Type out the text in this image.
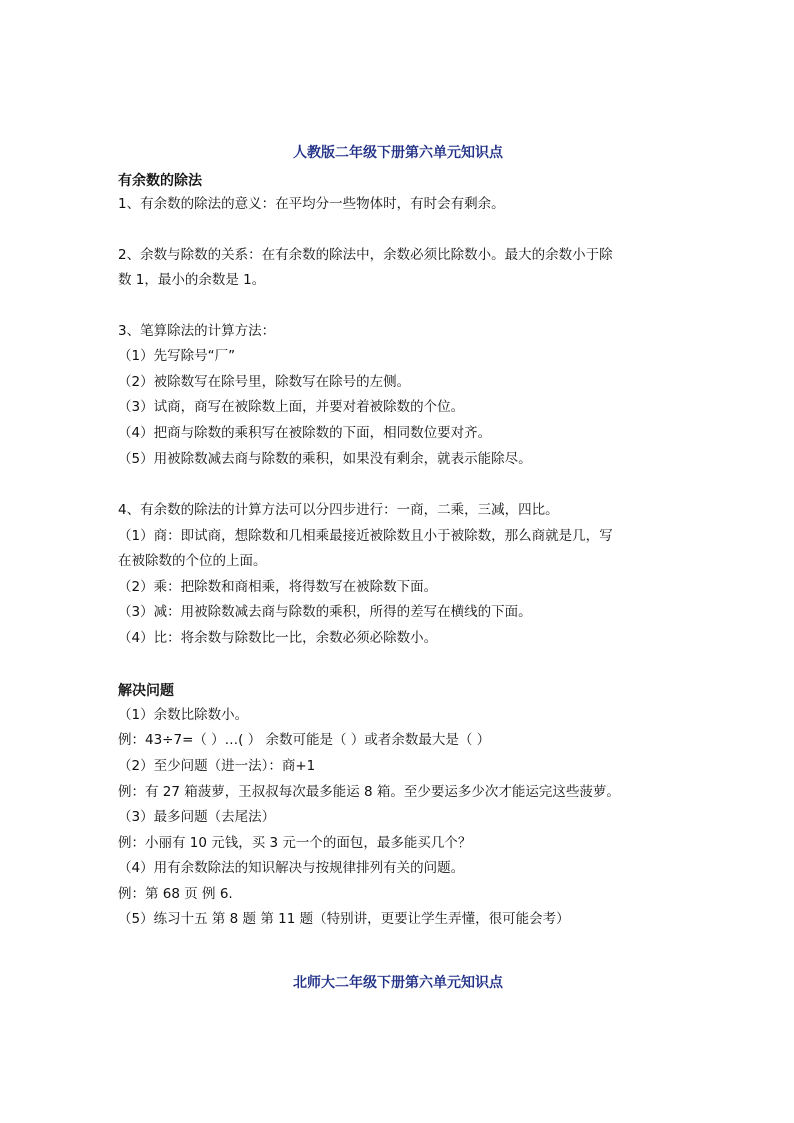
人教版二年级下册第六单元知识点

有余数的除法

1、有余数的除法的意义：在平均分一些物体时，有时会有剩余。

2、余数与除数的关系：在有余数的除法中，余数必须比除数小。最大的余数小于除

数 1，最小的余数是 1。

3、笔算除法的计算方法：

（1）先写除号“厂”

（2）被除数写在除号里，除数写在除号的左侧。

（3）试商，商写在被除数上面，并要对着被除数的个位。

（4）把商与除数的乘积写在被除数的下面，相同数位要对齐。

（5）用被除数减去商与除数的乘积，如果没有剩余，就表示能除尽。

4、有余数的除法的计算方法可以分四步进行：一商，二乘，三减，四比。

（1）商：即试商，想除数和几相乘最接近被除数且小于被除数，那么商就是几，写

在被除数的个位的上面。

（2）乘：把除数和商相乘，将得数写在被除数下面。

（3）减：用被除数减去商与除数的乘积，所得的差写在横线的下面。

（4）比：将余数与除数比一比，余数必须必除数小。

解决问题

（1）余数比除数小。

例：43÷7=（ ）…( ） 余数可能是（ ）或者余数最大是（ ）

（2）至少问题（进一法）：商+1

例：有 27 箱菠萝，王叔叔每次最多能运 8 箱。至少要运多少次才能运完这些菠萝。

（3）最多问题（去尾法）

例：小丽有 10 元钱，买 3 元一个的面包，最多能买几个？

（4）用有余数除法的知识解决与按规律排列有关的问题。

例：第 68 页 例 6.

（5）练习十五 第 8 题 第 11 题（特别讲，更要让学生弄懂，很可能会考）

北师大二年级下册第六单元知识点
